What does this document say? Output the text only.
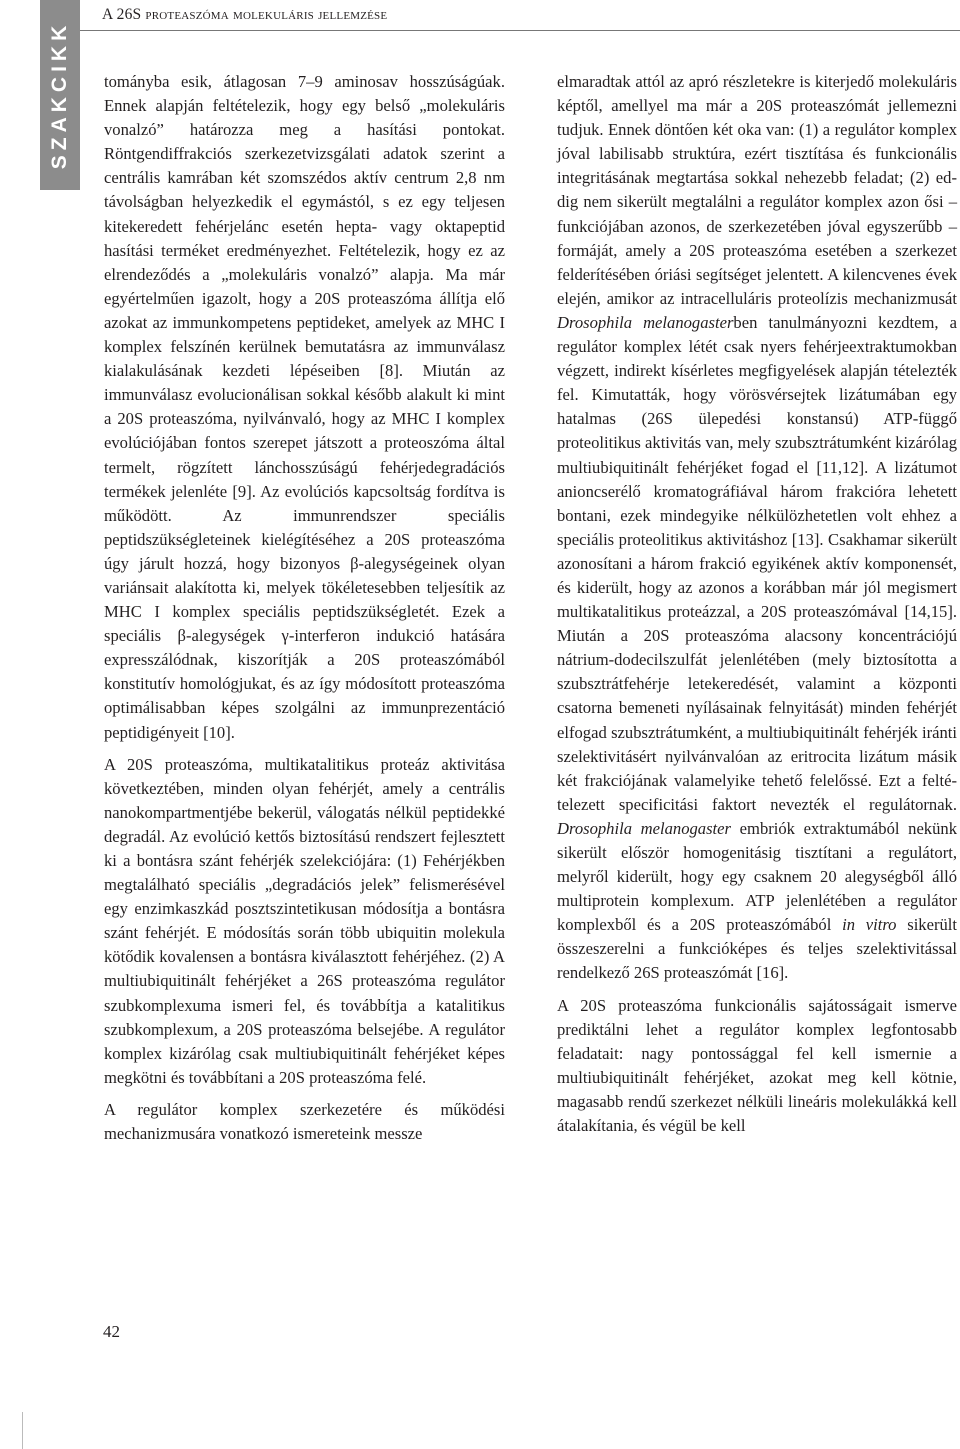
SZAKCIKK
A 26S proteaszóma molekuláris jellemzése

tományba esik, átlagosan 7–9 aminosav hosszúságúak. Ennek alapján feltételezik, hogy egy belső „molekuláris vonalzó” határozza meg a hasítási pontokat. Röntgendiffrakciós szerkezetvizsgálati adatok szerint a centrális kamrában két szomszédos aktív centrum 2,8 nm távolságban helyezkedik el egymástól, s ez egy teljesen kitekeredett fehérjelánc esetén hepta- vagy oktapeptid hasítási terméket eredményezhet. Feltételezik, hogy ez az elrendeződés a „molekuláris vonalzó” alapja. Ma már egyértelműen igazolt, hogy a 20S proteaszóma állítja elő azokat az immunkompetens peptideket, amelyek az MHC I komplex felszínén kerülnek bemutatásra az immunválasz kialakulásának kezdeti lépéseiben [8]. Miután az immunválasz evolucionálisan sokkal később alakult ki mint a 20S proteaszóma, nyilvánvaló, hogy az MHC I komplex evolúciójában fontos szerepet játszott a proteoszóma által termelt, rögzített lánchosszúságú fehérjedegradációs termékek jelenléte [9]. Az evolúciós kapcsoltság fordítva is működött. Az immunrendszer speciális peptidszükségleteinek kielégítéséhez a 20S proteaszóma úgy járult hozzá, hogy bizonyos β-alegységeinek olyan variánsait alakította ki, melyek tökéletesebben teljesítik az MHC I komplex speciális peptidszükségletét. Ezek a speciális β-alegységek γ-interferon indukció hatására expresszálódnak, kiszorítják a 20S proteaszómából konstitutív homológjukat, és az így módosított proteaszóma optimálisabban képes szolgálni az immunprezentáció peptidigényeit [10].

A 20S proteaszóma, multikatalitikus proteáz aktivitása következtében, minden olyan fehérjét, amely a centrális nanokompartmentjébe bekerül, válogatás nélkül peptidekké degradál. Az evolúció kettős biztosítású rendszert fejlesztett ki a bontásra szánt fehérjék szelekciójára: (1) Fehérjékben megtalálható speciális „degradációs jelek” felismerésével egy enzimkaszkád posztszintetikusan módosítja a bontásra szánt fehérjét. E módosítás során több ubiquitin molekula kötődik kovalensen a bontásra kiválasztott fehérjéhez. (2) A multiubiquitinált fehérjéket a 26S proteaszóma regulátor szubkomplexuma ismeri fel, és továbbítja a katalitikus szubkomplexum, a 20S proteaszóma belsejébe. A regulátor komplex kizárólag csak multiubiquitinált fehérjéket képes megkötni és továbbítani a 20S proteaszóma felé.

A regulátor komplex szerkezetére és működési mechanizmusára vonatkozó ismereteink messze

elmaradtak attól az apró részletekre is kiterjedő molekuláris képtől, amellyel ma már a 20S proteaszómát jellemezni tudjuk. Ennek döntően két oka van: (1) a regulátor komplex jóval labilisabb struktúra, ezért tisztítása és funkcionális integritásának megtartása sokkal nehezebb feladat; (2) eddig nem sikerült megtalálni a regulátor komplex azon ősi – funkciójában azonos, de szerkezetében jóval egyszerűbb – formáját, amely a 20S proteaszóma esetében a szerkezet felderítésében óriási segítséget jelentett. A kilencvenes évek elején, amikor az intracelluláris proteolízis mechanizmusát Drosophila melanogasterben tanulmányozni kezdtem, a regulátor komplex létét csak nyers fehérjeextraktumokban végzett, indirekt kísérletes megfigyelések alapján tételezték fel. Kimutatták, hogy vörösvérsejtek lizátumában egy hatalmas (26S ülepedési konstansú) ATP-függő proteolitikus aktivitás van, mely szubsztrátumként kizárólag multiubiquitinált fehérjéket fogad el [11,12]. A lizátumot anioncserélő kromatográfiával három frakcióra lehetett bontani, ezek mindegyike nélkülözhetetlen volt ehhez a speciális proteolitikus aktivitáshoz [13]. Csakhamar sikerült azonosítani a három frakció egyikének aktív komponensét, és kiderült, hogy az azonos a korábban már jól megismert multikatalitikus proteázzal, a 20S proteaszómával [14,15]. Miután a 20S proteaszóma alacsony koncentrációjú nátrium-dodecilszulfát jelenlétében (mely biztosította a szubsztrátfehérje letekeredését, valamint a központi csatorna bemeneti nyílásainak felnyitását) minden fehérjét elfogad szubsztrátumként, a multiubiquitinált fehérjék iránti szelektivitásért nyilvánvalóan az eritrocita lizátum másik két frakciójának valamelyike tehető felelőssé. Ezt a feltételezett specificitási faktort nevezték el regulátornak. Drosophila melanogaster embriók extraktumából nekünk sikerült először homogenitásig tisztítani a regulátort, melyről kiderült, hogy egy csaknem 20 alegységből álló multiprotein komplexum. ATP jelenlétében a regulátor komplexből és a 20S proteaszómából in vitro sikerült összeszerelni a funkcióképes és teljes szelektivitással rendelkező 26S proteaszómát [16].

A 20S proteaszóma funkcionális sajátosságait ismerve prediktálni lehet a regulátor komplex legfontosabb feladatait: nagy pontossággal fel kell ismernie a multiubiquitinált fehérjéket, azokat meg kell kötnie, magasabb rendű szerkezet nélküli lineáris molekulákká kell átalakítania, és végül be kell

42
